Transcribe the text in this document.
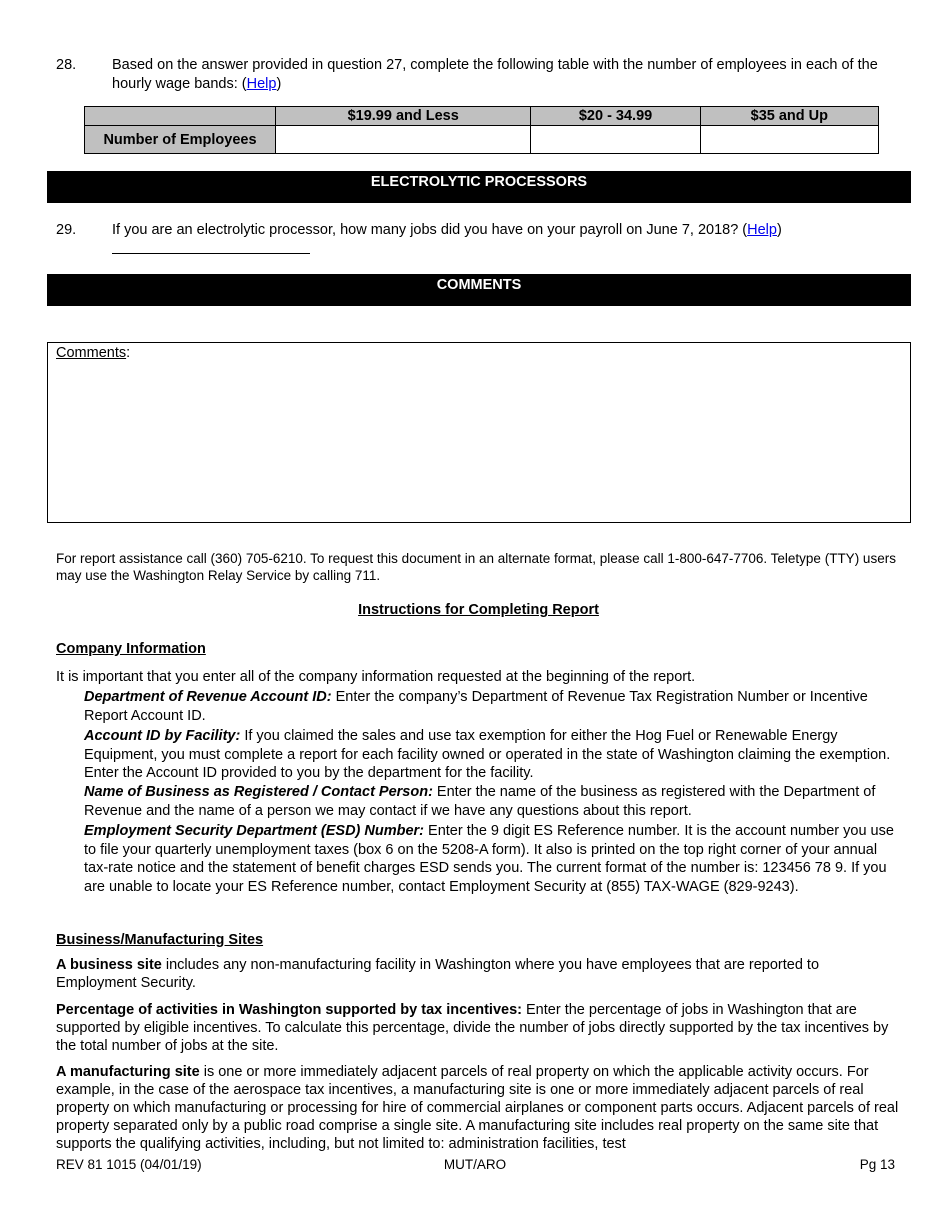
28. Based on the answer provided in question 27, complete the following table with the number of employees in each of the hourly wage bands: (Help)
	$19.99 and Less	$20 - 34.99	$35 and Up
Number of Employees			
ELECTROLYTIC PROCESSORS
29. If you are an electrolytic processor, how many jobs did you have on your payroll on June 7, 2018? (Help)
COMMENTS
Comments:
For report assistance call (360) 705-6210. To request this document in an alternate format, please call 1-800-647-7706. Teletype (TTY) users may use the Washington Relay Service by calling 711.
Instructions for Completing Report
Company Information
It is important that you enter all of the company information requested at the beginning of the report.
Department of Revenue Account ID: Enter the company’s Department of Revenue Tax Registration Number or Incentive Report Account ID.
Account ID by Facility: If you claimed the sales and use tax exemption for either the Hog Fuel or Renewable Energy Equipment, you must complete a report for each facility owned or operated in the state of Washington claiming the exemption. Enter the Account ID provided to you by the department for the facility.
Name of Business as Registered / Contact Person: Enter the name of the business as registered with the Department of Revenue and the name of a person we may contact if we have any questions about this report.
Employment Security Department (ESD) Number: Enter the 9 digit ES Reference number. It is the account number you use to file your quarterly unemployment taxes (box 6 on the 5208-A form). It also is printed on the top right corner of your annual tax-rate notice and the statement of benefit charges ESD sends you. The current format of the number is: 123456 78 9. If you are unable to locate your ES Reference number, contact Employment Security at (855) TAX-WAGE (829-9243).
Business/Manufacturing Sites
A business site includes any non-manufacturing facility in Washington where you have employees that are reported to Employment Security.
Percentage of activities in Washington supported by tax incentives: Enter the percentage of jobs in Washington that are supported by eligible incentives. To calculate this percentage, divide the number of jobs directly supported by the tax incentives by the total number of jobs at the site.
A manufacturing site is one or more immediately adjacent parcels of real property on which the applicable activity occurs. For example, in the case of the aerospace tax incentives, a manufacturing site is one or more immediately adjacent parcels of real property on which manufacturing or processing for hire of commercial airplanes or component parts occurs. Adjacent parcels of real property separated only by a public road comprise a single site. A manufacturing site includes real property on the same site that supports the qualifying activities, including, but not limited to: administration facilities, test
REV 81 1015 (04/01/19)	MUT/ARO	Pg 13
